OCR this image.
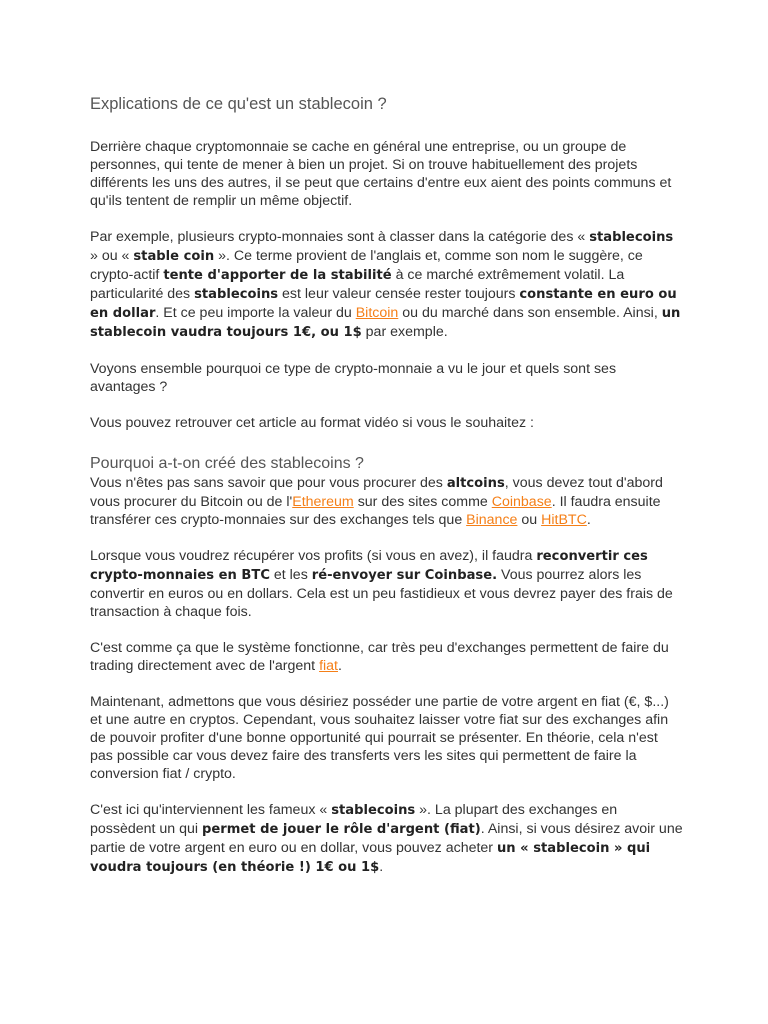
Explications de ce qu'est un stablecoin ?

Derrière chaque cryptomonnaie se cache en général une entreprise, ou un groupe de personnes, qui tente de mener à bien un projet. Si on trouve habituellement des projets différents les uns des autres, il se peut que certains d'entre eux aient des points communs et qu'ils tentent de remplir un même objectif.

Par exemple, plusieurs crypto-monnaies sont à classer dans la catégorie des « stablecoins » ou « stable coin ». Ce terme provient de l'anglais et, comme son nom le suggère, ce crypto-actif tente d'apporter de la stabilité à ce marché extrêmement volatil. La particularité des stablecoins est leur valeur censée rester toujours constante en euro ou en dollar. Et ce peu importe la valeur du Bitcoin ou du marché dans son ensemble. Ainsi, un stablecoin vaudra toujours 1€, ou 1$ par exemple.

Voyons ensemble pourquoi ce type de crypto-monnaie a vu le jour et quels sont ses avantages ?

Vous pouvez retrouver cet article au format vidéo si vous le souhaitez :

Pourquoi a-t-on créé des stablecoins ?

Vous n'êtes pas sans savoir que pour vous procurer des altcoins, vous devez tout d'abord vous procurer du Bitcoin ou de l'Ethereum sur des sites comme Coinbase. Il faudra ensuite transférer ces crypto-monnaies sur des exchanges tels que Binance ou HitBTC.

Lorsque vous voudrez récupérer vos profits (si vous en avez), il faudra reconvertir ces crypto-monnaies en BTC et les ré-envoyer sur Coinbase. Vous pourrez alors les convertir en euros ou en dollars. Cela est un peu fastidieux et vous devrez payer des frais de transaction à chaque fois.

C'est comme ça que le système fonctionne, car très peu d'exchanges permettent de faire du trading directement avec de l'argent fiat.

Maintenant, admettons que vous désiriez posséder une partie de votre argent en fiat (€, $...) et une autre en cryptos. Cependant, vous souhaitez laisser votre fiat sur des exchanges afin de pouvoir profiter d'une bonne opportunité qui pourrait se présenter. En théorie, cela n'est pas possible car vous devez faire des transferts vers les sites qui permettent de faire la conversion fiat / crypto.

C'est ici qu'interviennent les fameux « stablecoins ». La plupart des exchanges en possèdent un qui permet de jouer le rôle d'argent (fiat). Ainsi, si vous désirez avoir une partie de votre argent en euro ou en dollar, vous pouvez acheter un « stablecoin » qui voudra toujours (en théorie !) 1€ ou 1$.
